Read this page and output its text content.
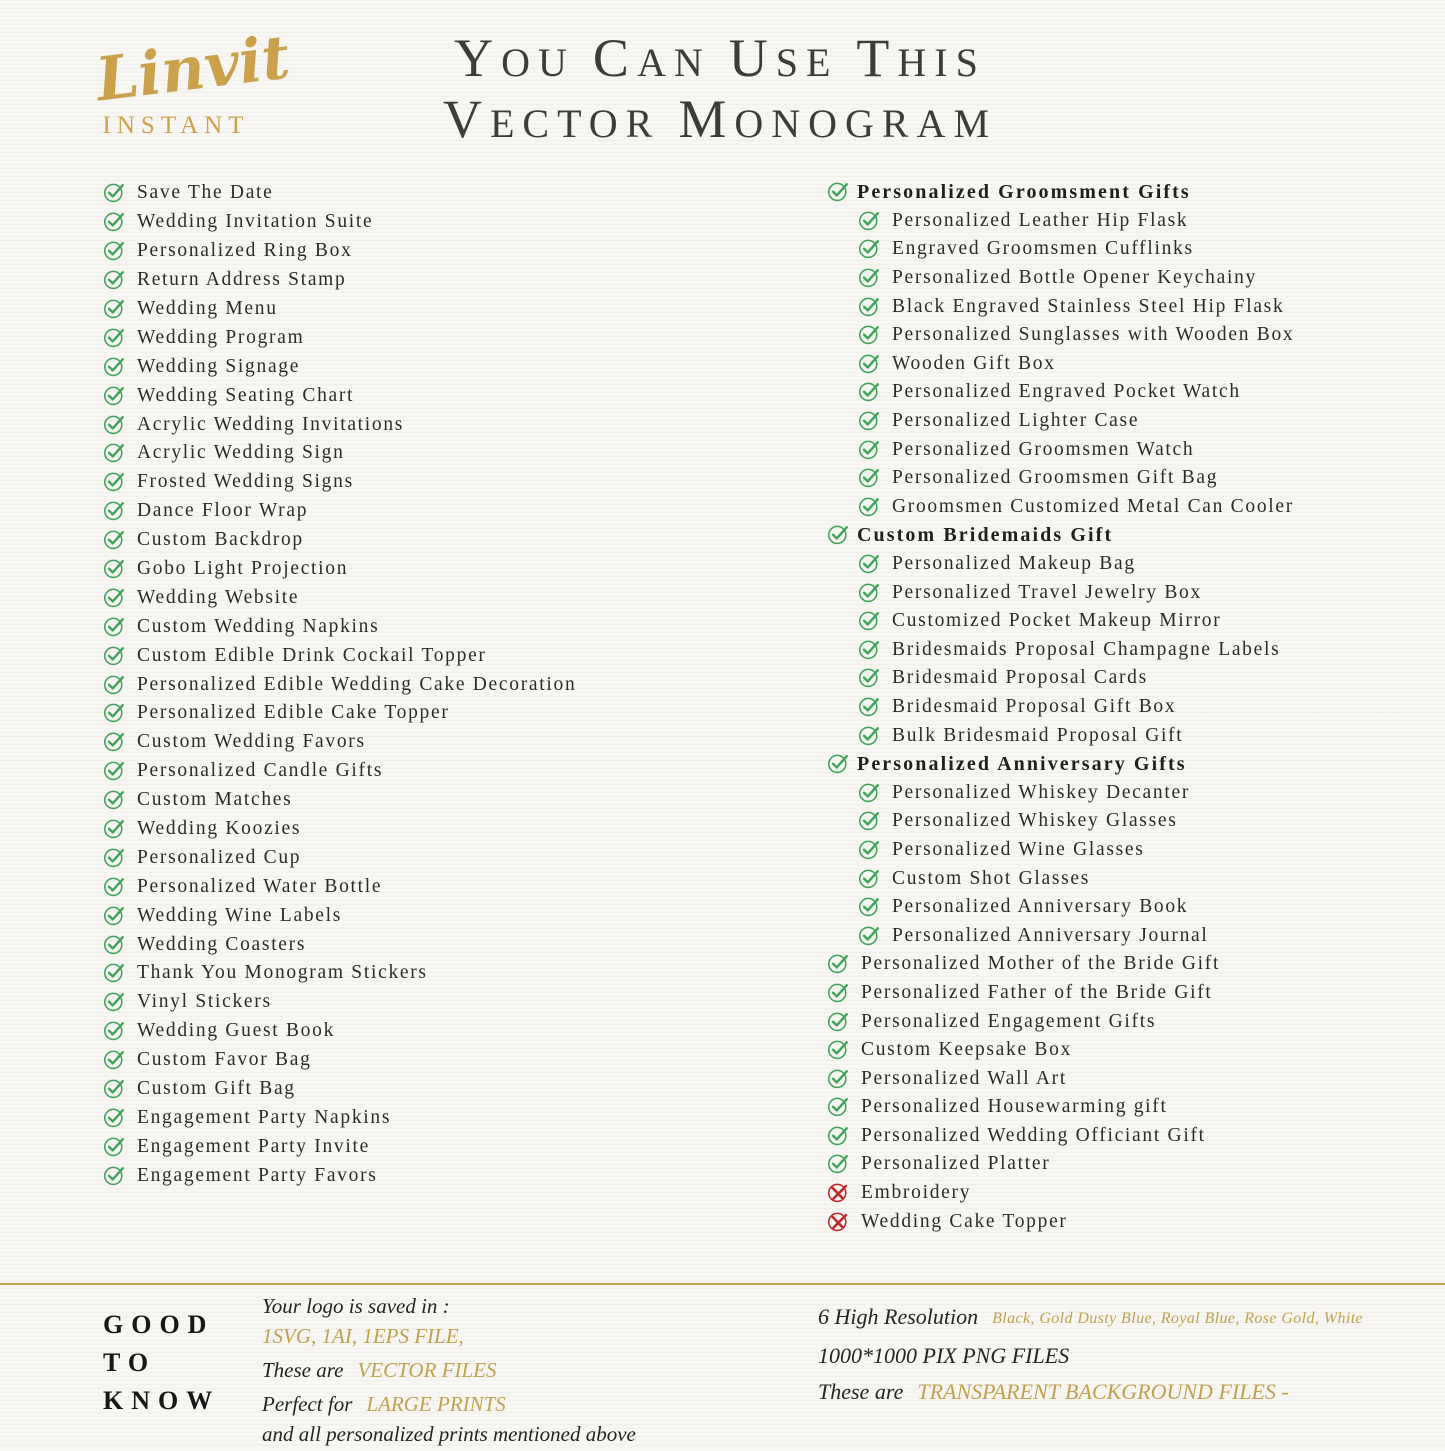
Linvit
INSTANT
YOU CAN USE THIS
VECTOR MONOGRAM
Save The Date
Wedding Invitation Suite
Personalized Ring Box
Return Address Stamp
Wedding Menu
Wedding Program
Wedding Signage
Wedding Seating Chart
Acrylic Wedding Invitations
Acrylic Wedding Sign
Frosted Wedding Signs
Dance Floor Wrap
Custom Backdrop
Gobo Light Projection
Wedding Website
Custom Wedding Napkins
Custom Edible Drink Cockail Topper
Personalized Edible Wedding Cake Decoration
Personalized Edible Cake Topper
Custom Wedding Favors
Personalized Candle Gifts
Custom Matches
Wedding Koozies
Personalized Cup
Personalized Water Bottle
Wedding Wine Labels
Wedding Coasters
Thank You Monogram Stickers
Vinyl Stickers
Wedding Guest Book
Custom Favor Bag
Custom Gift Bag
Engagement Party Napkins
Engagement Party Invite
Engagement Party Favors
Personalized Groomsment Gifts
Personalized Leather Hip Flask
Engraved Groomsmen Cufflinks
Personalized Bottle Opener Keychainy
Black Engraved Stainless Steel Hip Flask
Personalized Sunglasses with Wooden Box
Wooden Gift Box
Personalized Engraved Pocket Watch
Personalized Lighter Case
Personalized Groomsmen Watch
Personalized Groomsmen Gift Bag
Groomsmen Customized Metal Can Cooler
Custom Bridemaids Gift
Personalized Makeup Bag
Personalized Travel Jewelry Box
Customized Pocket Makeup Mirror
Bridesmaids Proposal Champagne Labels
Bridesmaid Proposal Cards
Bridesmaid Proposal Gift Box
Bulk Bridesmaid Proposal Gift
Personalized Anniversary Gifts
Personalized Whiskey Decanter
Personalized Whiskey Glasses
Personalized Wine Glasses
Custom Shot Glasses
Personalized Anniversary Book
Personalized Anniversary Journal
Personalized Mother of the Bride Gift
Personalized Father of the Bride Gift
Personalized Engagement Gifts
Custom Keepsake Box
Personalized Wall Art
Personalized Housewarming gift
Personalized Wedding Officiant Gift
Personalized Platter
Embroidery
Wedding Cake Topper
GOOD
TO
KNOW
Your logo is saved in :
1SVG, 1AI, 1EPS FILE,
These are VECTOR FILES
Perfect for LARGE PRINTS
and all personalized prints mentioned above
6 High Resolution Black, Gold Dusty Blue, Royal Blue, Rose Gold, White
1000*1000 PIX PNG FILES
These are TRANSPARENT BACKGROUND FILES -
